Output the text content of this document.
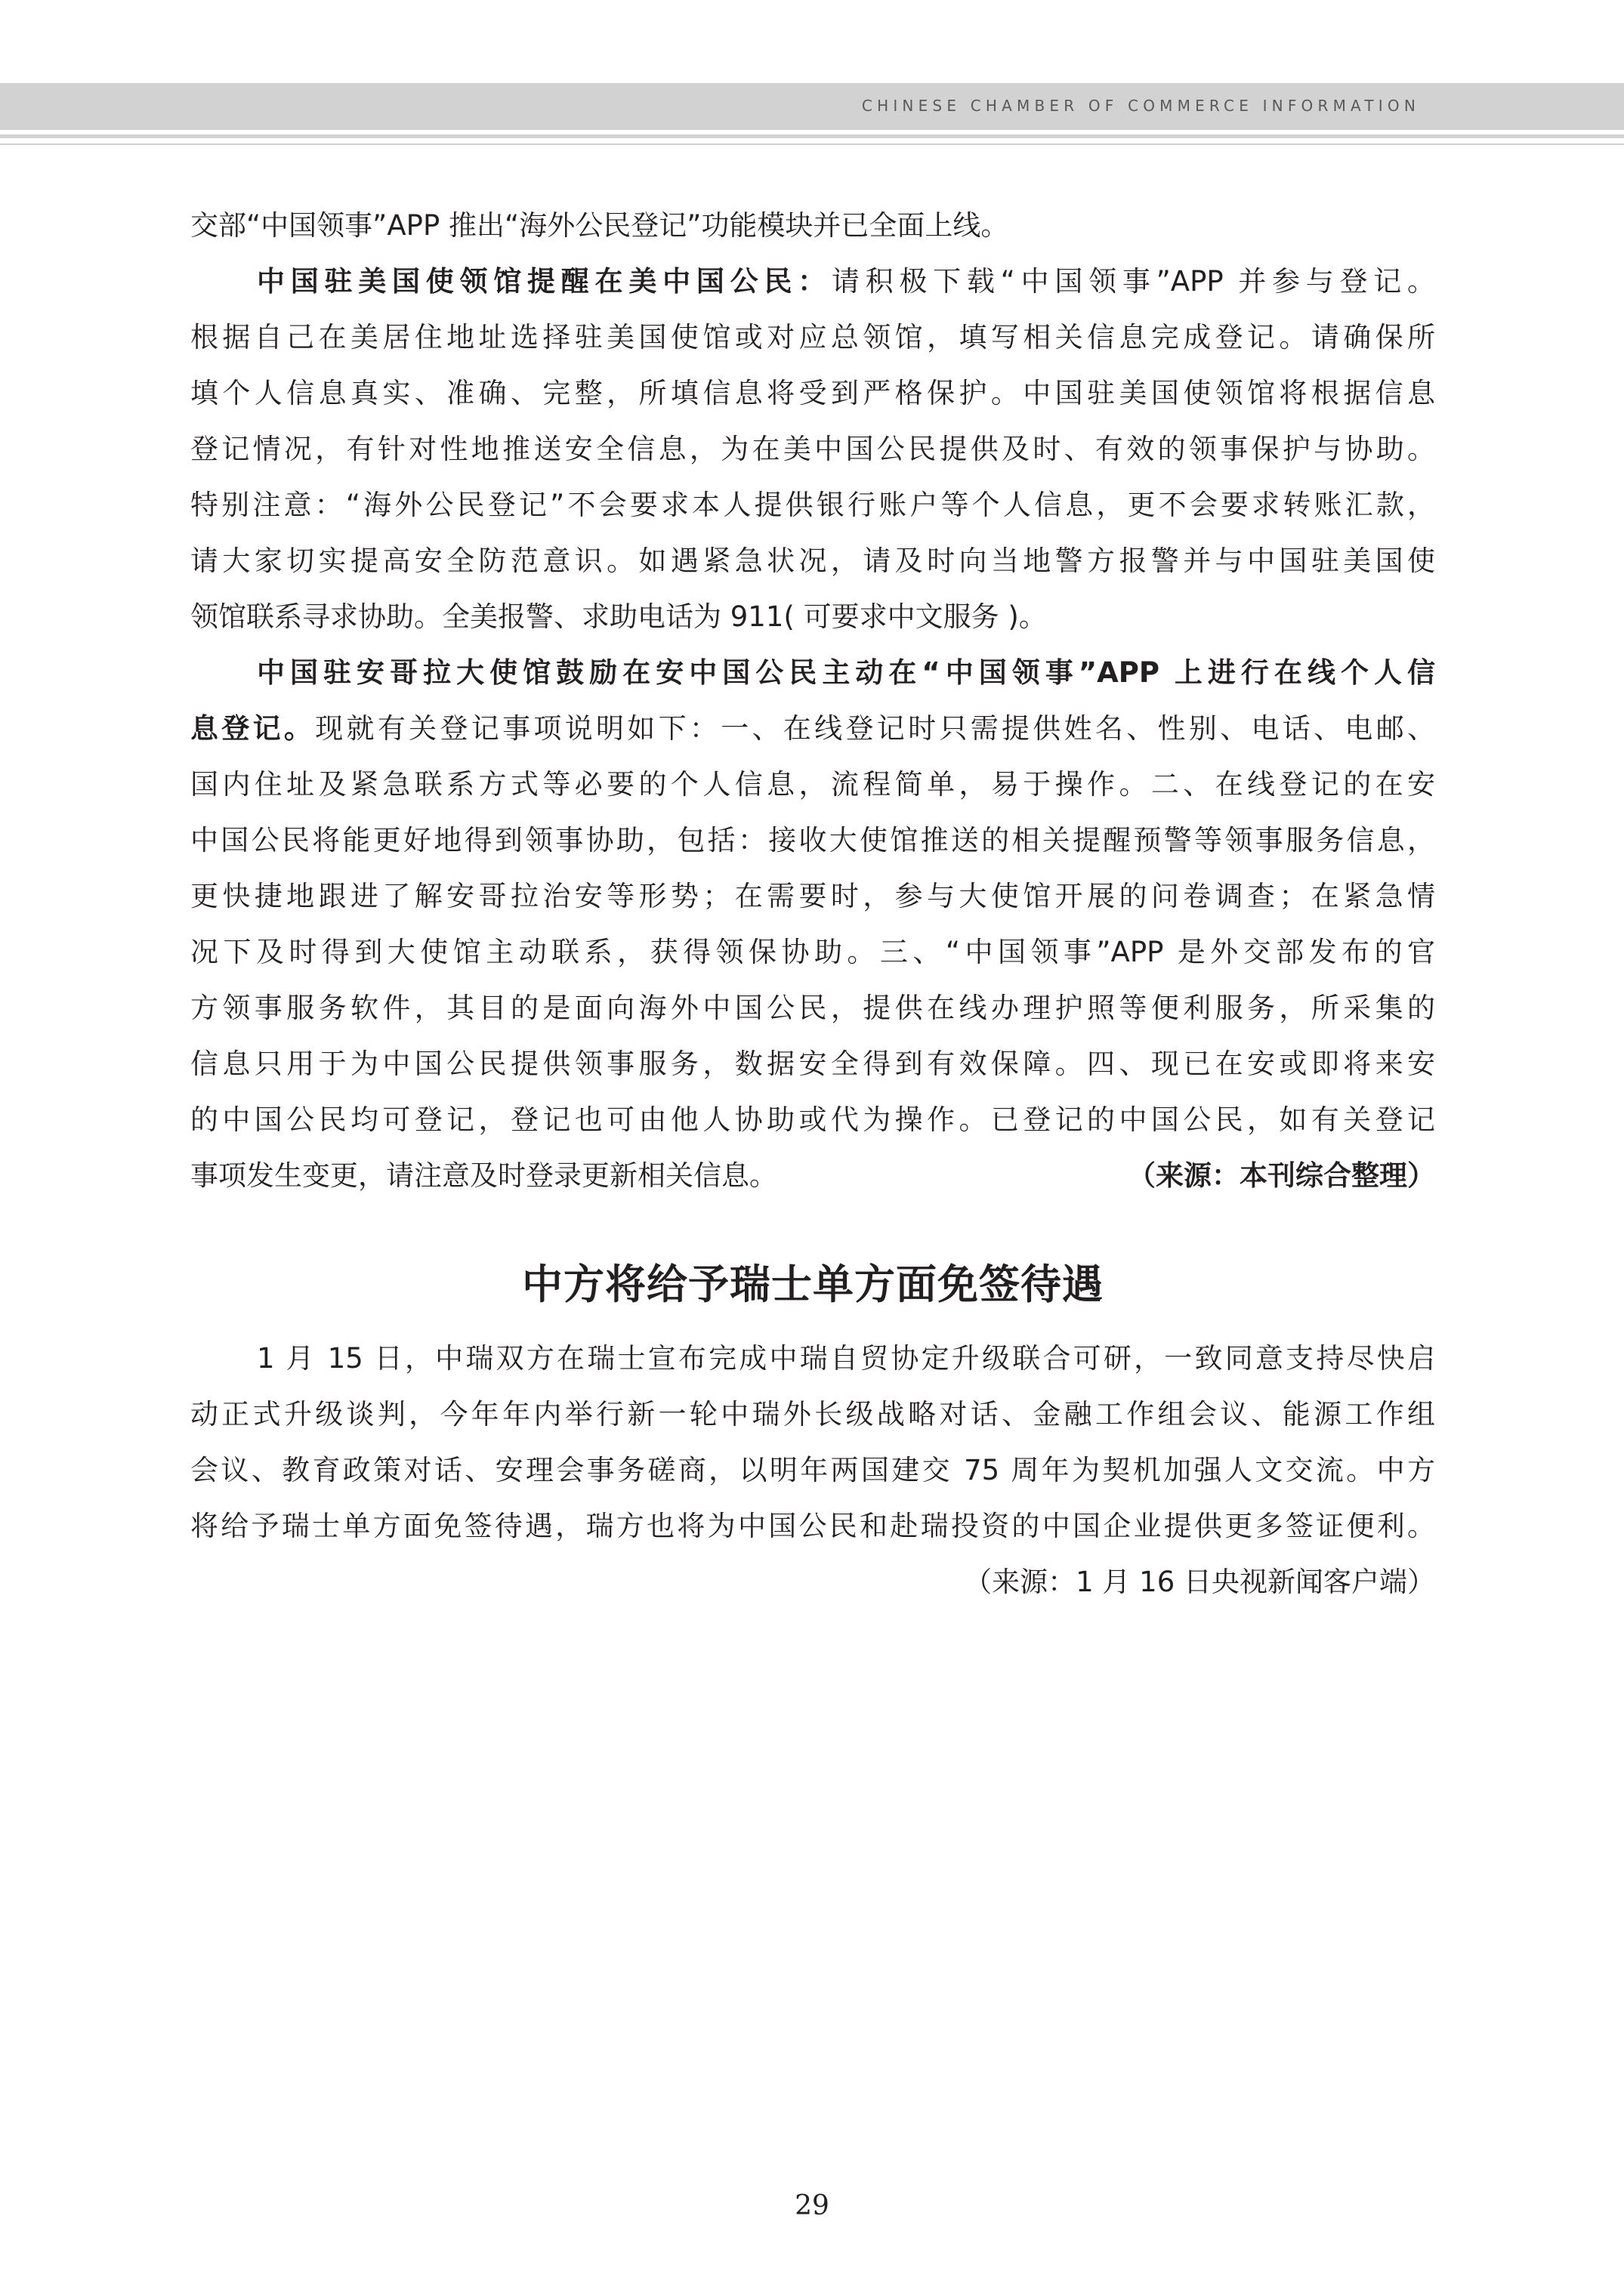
CHINESE CHAMBER OF COMMERCE INFORMATION
交部“中国领事”APP 推出“海外公民登记”功能模块并已全面上线。
中国驻美国使领馆提醒在美中国公民：请积极下载“中国领事”APP 并参与登记。
根据自己在美居住地址选择驻美国使馆或对应总领馆，填写相关信息完成登记。请确保所
填个人信息真实、准确、完整，所填信息将受到严格保护。中国驻美国使领馆将根据信息
登记情况，有针对性地推送安全信息，为在美中国公民提供及时、有效的领事保护与协助。
特别注意：“海外公民登记”不会要求本人提供银行账户等个人信息，更不会要求转账汇款，
请大家切实提高安全防范意识。如遇紧急状况，请及时向当地警方报警并与中国驻美国使
领馆联系寻求协助。全美报警、求助电话为 911( 可要求中文服务 )。
中国驻安哥拉大使馆鼓励在安中国公民主动在“中国领事”APP 上进行在线个人信
息登记。现就有关登记事项说明如下：一、在线登记时只需提供姓名、性别、电话、电邮、
国内住址及紧急联系方式等必要的个人信息，流程简单，易于操作。二、在线登记的在安
中国公民将能更好地得到领事协助，包括：接收大使馆推送的相关提醒预警等领事服务信息，
更快捷地跟进了解安哥拉治安等形势；在需要时，参与大使馆开展的问卷调查；在紧急情
况下及时得到大使馆主动联系，获得领保协助。三、“中国领事”APP 是外交部发布的官
方领事服务软件，其目的是面向海外中国公民，提供在线办理护照等便利服务，所采集的
信息只用于为中国公民提供领事服务，数据安全得到有效保障。四、现已在安或即将来安
的中国公民均可登记，登记也可由他人协助或代为操作。已登记的中国公民，如有关登记
事项发生变更，请注意及时登录更新相关信息。	（来源：本刊综合整理）
中方将给予瑞士单方面免签待遇
1 月 15 日，中瑞双方在瑞士宣布完成中瑞自贸协定升级联合可研，一致同意支持尽快启
动正式升级谈判，今年年内举行新一轮中瑞外长级战略对话、金融工作组会议、能源工作组
会议、教育政策对话、安理会事务磋商，以明年两国建交 75 周年为契机加强人文交流。中方
将给予瑞士单方面免签待遇，瑞方也将为中国公民和赴瑞投资的中国企业提供更多签证便利。
（来源：1 月 16 日央视新闻客户端）
29
